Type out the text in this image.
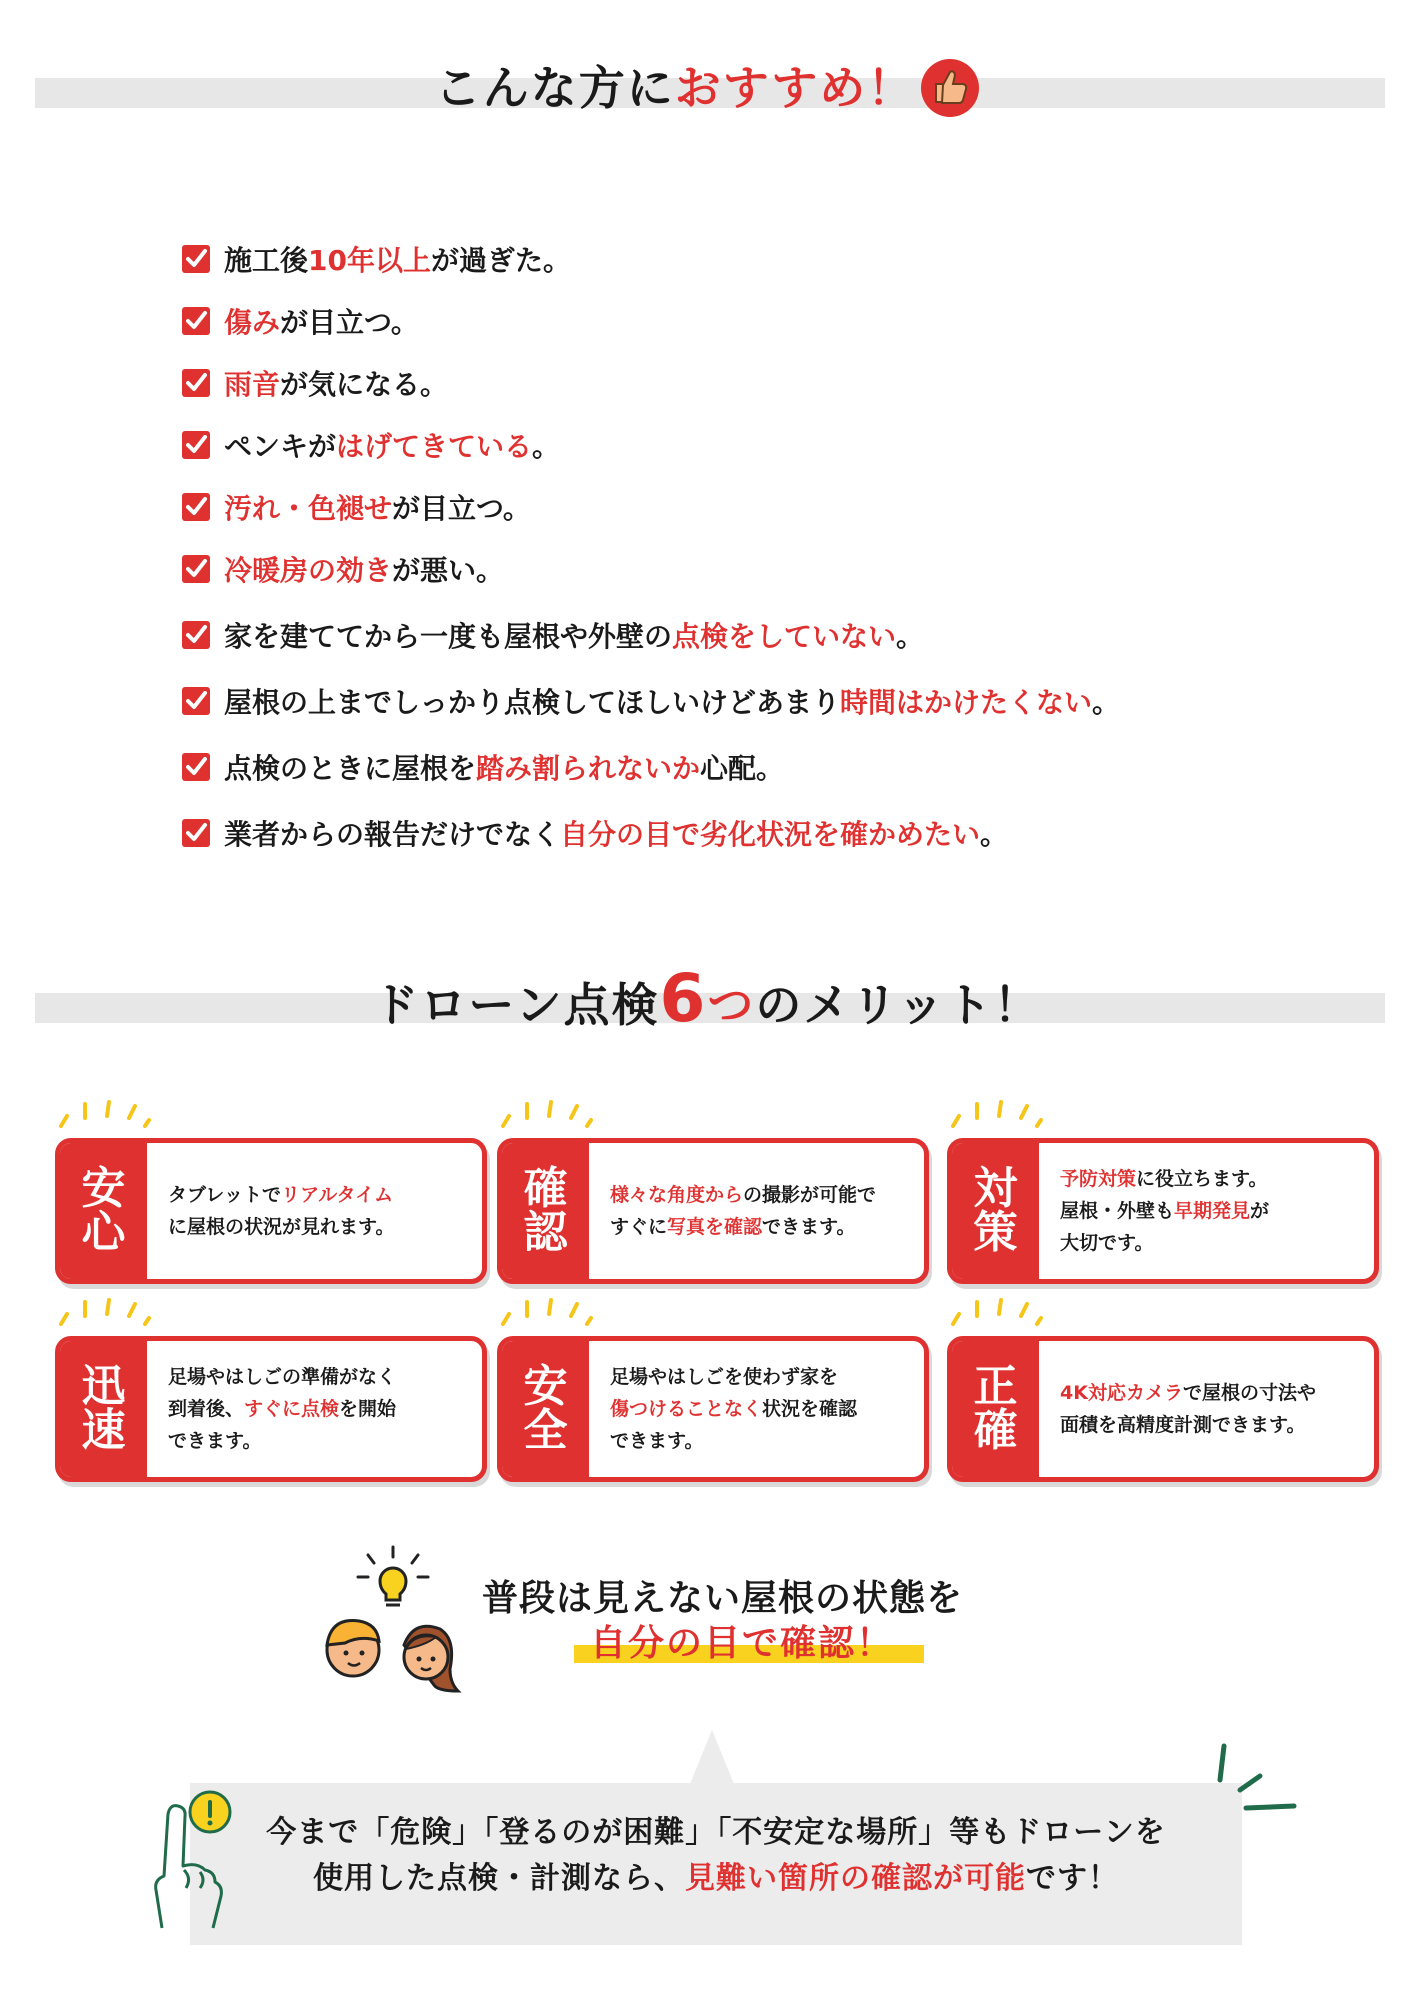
こんな方におすすめ！
施工後10年以上が過ぎた。
傷みが目立つ。
雨音が気になる。
ペンキがはげてきている。
汚れ・色褪せが目立つ。
冷暖房の効きが悪い。
家を建ててから一度も屋根や外壁の点検をしていない。
屋根の上までしっかり点検してほしいけどあまり時間はかけたくない。
点検のときに屋根を踏み割られないか心配。
業者からの報告だけでなく自分の目で劣化状況を確かめたい。
ドローン点検6つのメリット！
安
心
タブレットでリアルタイム
に屋根の状況が見れます。
確
認
様々な角度からの撮影が可能で
すぐに写真を確認できます。
対
策
予防対策に役立ちます。
屋根・外壁も早期発見が
大切です。
迅
速
足場やはしごの準備がなく
到着後、すぐに点検を開始
できます。
安
全
足場やはしごを使わず家を
傷つけることなく状況を確認
できます。
正
確
4K対応カメラで屋根の寸法や
面積を高精度計測できます。
普段は見えない屋根の状態を
自分の目で確認！
今まで「危険」「登るのが困難」「不安定な場所」等もドローンを
使用した点検・計測なら、見難い箇所の確認が可能です！
